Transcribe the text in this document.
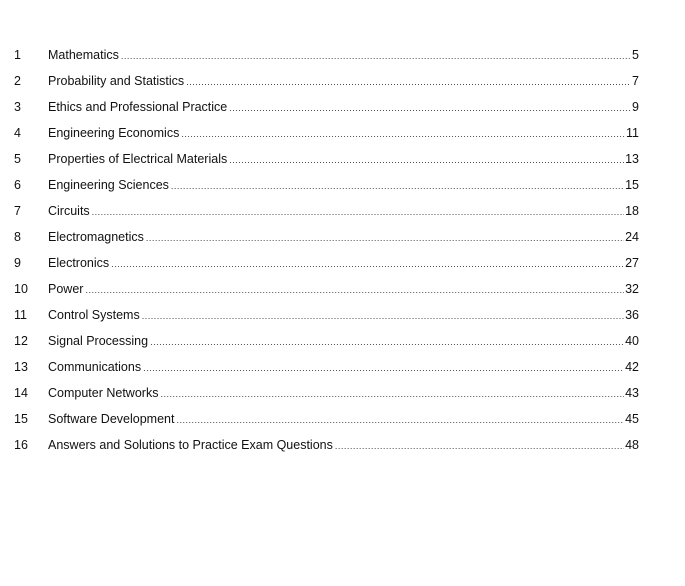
1	Mathematics .....	5
2	Probability and Statistics .....	7
3	Ethics and Professional Practice .....	9
4	Engineering Economics .....	11
5	Properties of Electrical Materials .....	13
6	Engineering Sciences .....	15
7	Circuits .....	18
8	Electromagnetics .....	24
9	Electronics .....	27
10	Power .....	32
11	Control Systems .....	36
12	Signal Processing .....	40
13	Communications .....	42
14	Computer Networks .....	43
15	Software Development .....	45
16	Answers and Solutions to Practice Exam Questions .....	48
